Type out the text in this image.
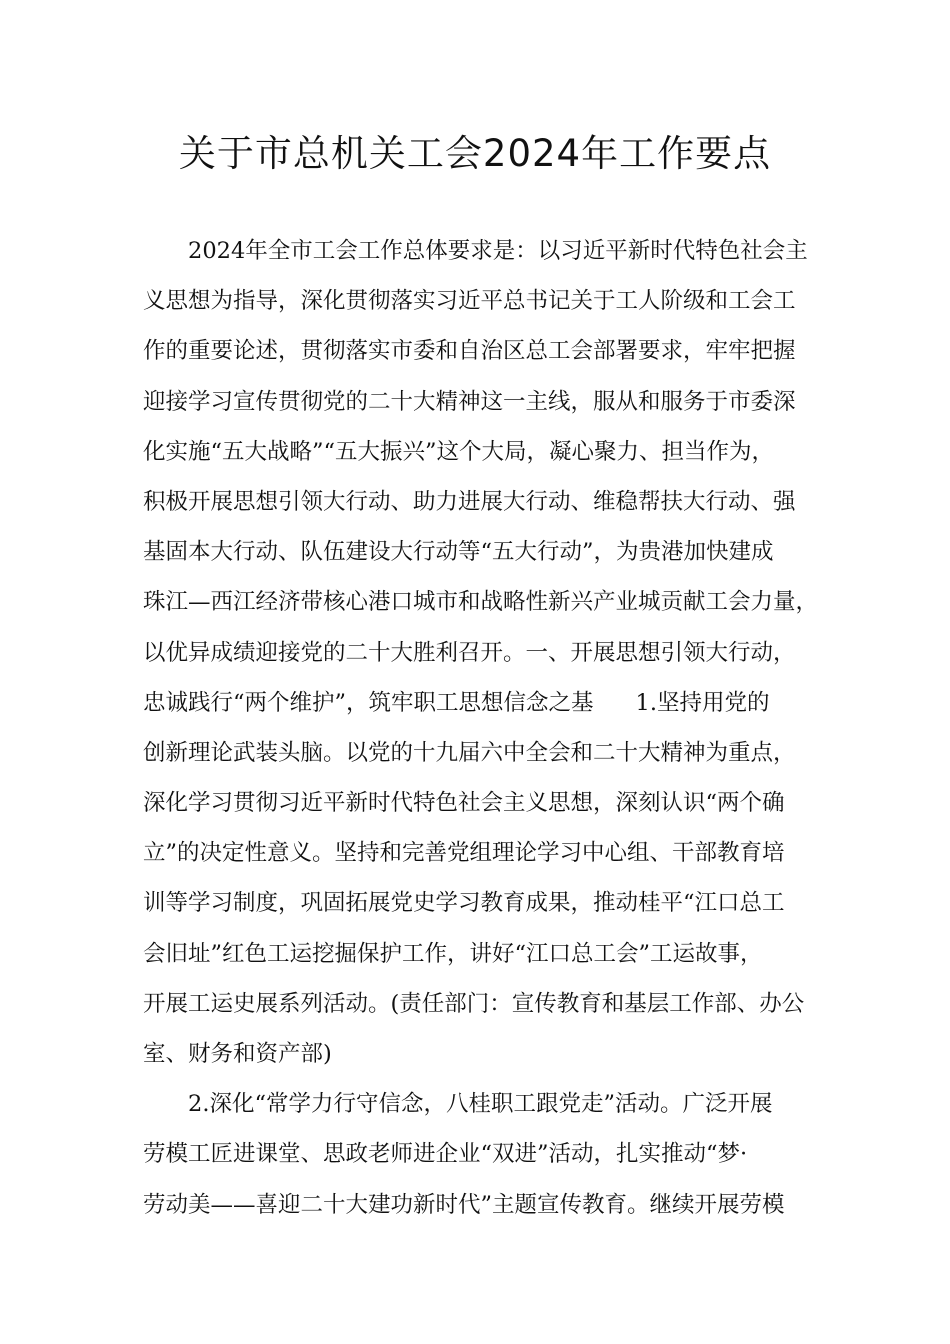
关于市总机关工会2024年工作要点
2024年全市工会工作总体要求是：以习近平新时代特色社会主
义思想为指导，深化贯彻落实习近平总书记关于工人阶级和工会工
作的重要论述，贯彻落实市委和自治区总工会部署要求，牢牢把握
迎接学习宣传贯彻党的二十大精神这一主线，服从和服务于市委深
化实施“五大战略”“五大振兴”这个大局，凝心聚力、担当作为，
积极开展思想引领大行动、助力进展大行动、维稳帮扶大行动、强
基固本大行动、队伍建设大行动等“五大行动”，为贵港加快建成
珠江—西江经济带核心港口城市和战略性新兴产业城贡献工会力量，
以优异成绩迎接党的二十大胜利召开。一、开展思想引领大行动，
忠诚践行“两个维护”，筑牢职工思想信念之基 1.坚持用党的
创新理论武装头脑。以党的十九届六中全会和二十大精神为重点，
深化学习贯彻习近平新时代特色社会主义思想，深刻认识“两个确
立”的决定性意义。坚持和完善党组理论学习中心组、干部教育培
训等学习制度，巩固拓展党史学习教育成果，推动桂平“江口总工
会旧址”红色工运挖掘保护工作，讲好“江口总工会”工运故事，
开展工运史展系列活动。(责任部门：宣传教育和基层工作部、办公
室、财务和资产部)
2.深化“常学力行守信念，八桂职工跟党走”活动。广泛开展
劳模工匠进课堂、思政老师进企业“双进”活动，扎实推动“梦·
劳动美——喜迎二十大建功新时代”主题宣传教育。继续开展劳模
